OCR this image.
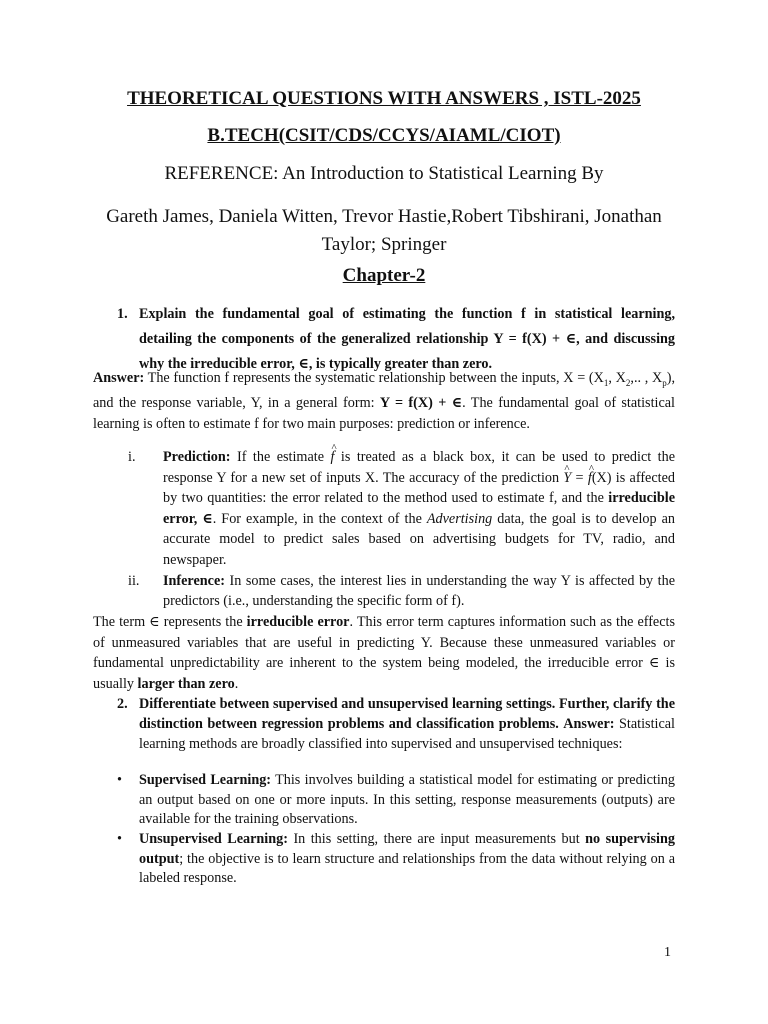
THEORETICAL QUESTIONS WITH ANSWERS , ISTL-2025
B.TECH(CSIT/CDS/CCYS/AIAML/CIOT)
REFERENCE: An Introduction to Statistical Learning By
Gareth James, Daniela Witten, Trevor Hastie,Robert Tibshirani, Jonathan Taylor; Springer
Chapter-2
1. Explain the fundamental goal of estimating the function f in statistical learning, detailing the components of the generalized relationship Y = f(X) + ∈, and discussing why the irreducible error, ∈, is typically greater than zero.
Answer: The function f represents the systematic relationship between the inputs, $X = (X_1$, $X_2$,.. , $X_p$), and the response variable, Y, in a general form: Y = f(X) + ∈. The fundamental goal of statistical learning is often to estimate f for two main purposes: prediction or inference.
i.	Prediction: If the estimate ^ f is treated as a black box, it can be used to predict the response Y for a new set of inputs X. The accuracy of the prediction ^ Y = ^ f(X) is affected by two quantities: the error related to the method used to estimate f, and the irreducible error, ∈. For example, in the context of the Advertising data, the goal is to develop an accurate model to predict sales based on advertising budgets for TV, radio, and newspaper.
ii.	Inference: In some cases, the interest lies in understanding the way Y is affected by the predictors (i.e., understanding the specific form of f).
The term ∈ represents the irreducible error. This error term captures information such as the effects of unmeasured variables that are useful in predicting Y. Because these unmeasured variables or fundamental unpredictability are inherent to the system being modeled, the irreducible error ∈ is usually larger than zero.
2. Differentiate between supervised and unsupervised learning settings. Further, clarify the distinction between regression problems and classification problems. Answer: Statistical learning methods are broadly classified into supervised and unsupervised techniques:
• Supervised Learning: This involves building a statistical model for estimating or predicting an output based on one or more inputs. In this setting, response measurements (outputs) are available for the training observations.
• Unsupervised Learning: In this setting, there are input measurements but no supervising output; the objective is to learn structure and relationships from the data without relying on a labeled response.
1
